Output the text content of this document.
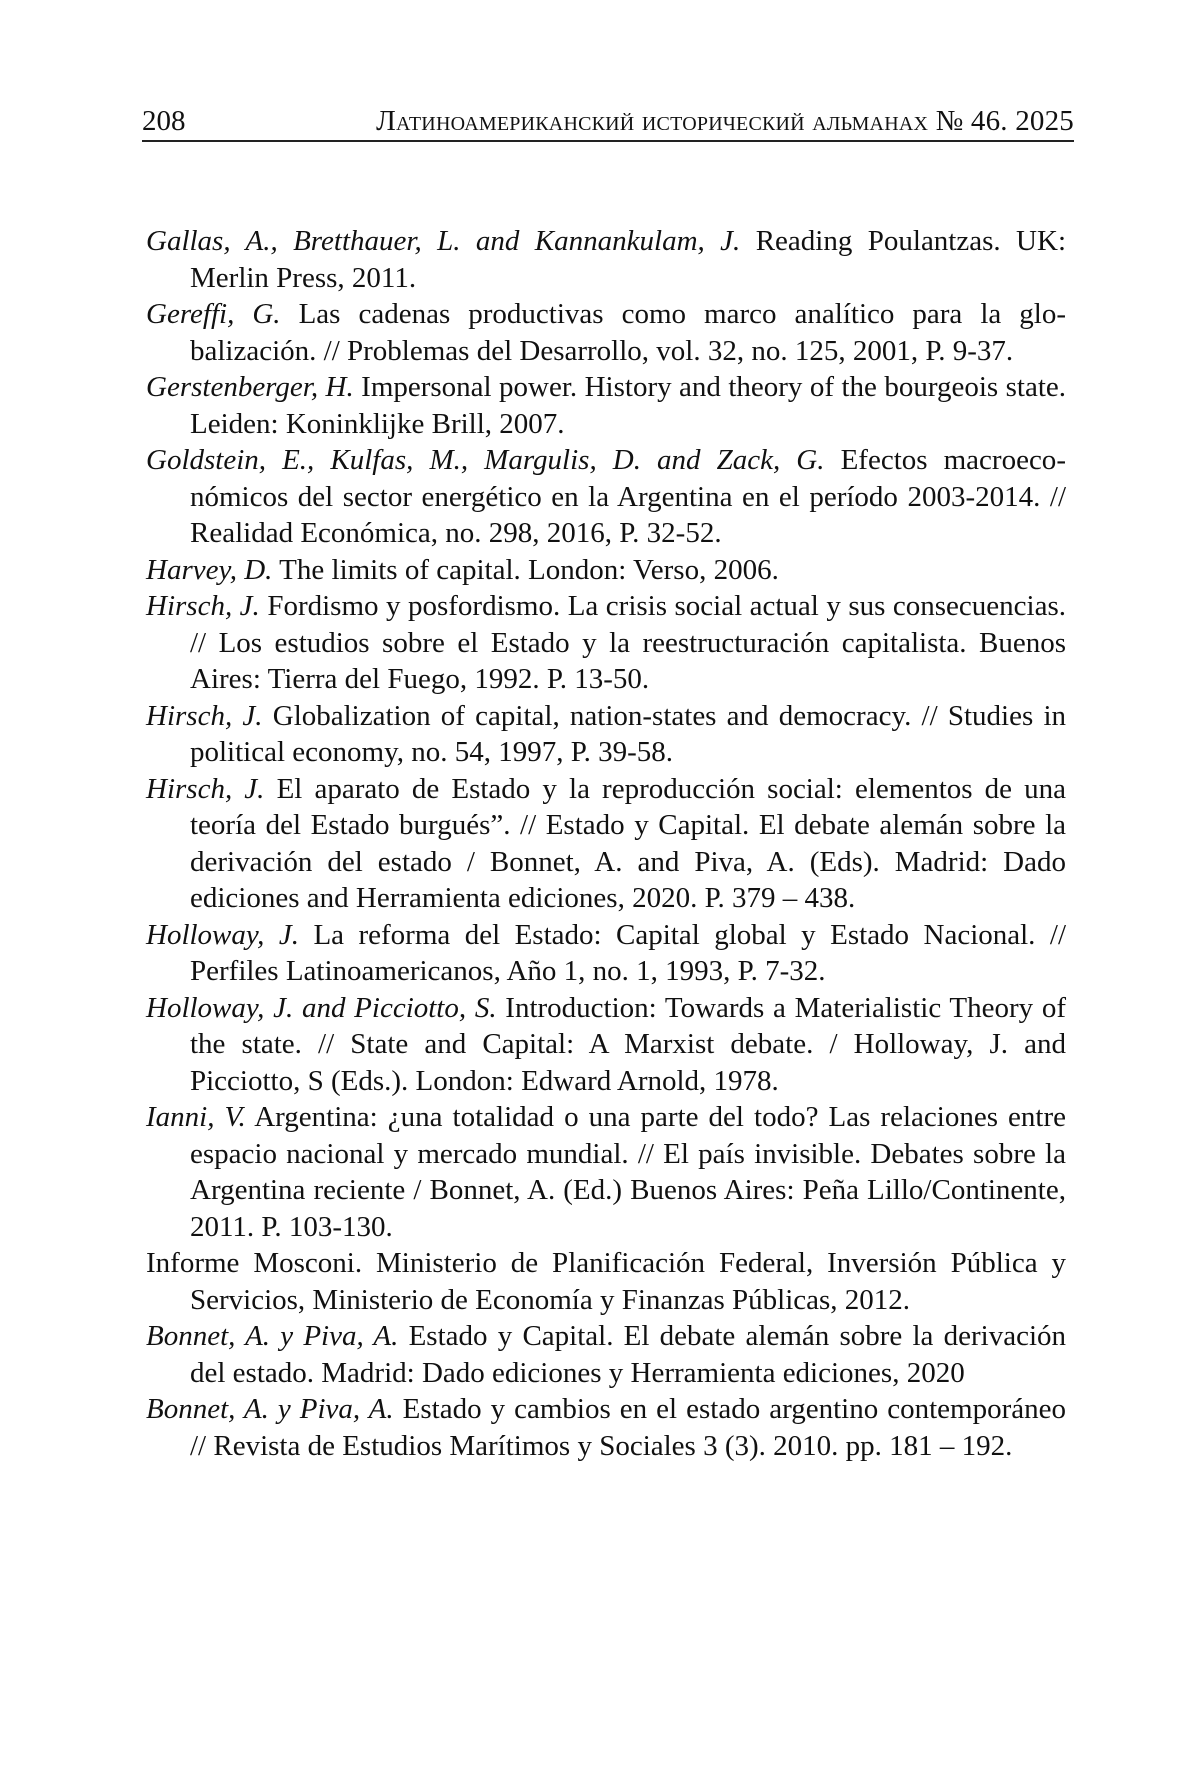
208	Латиноамериканский исторический альманах № 46. 2025
Gallas, A., Bretthauer, L. and Kannankulam, J. Reading Poulantzas. UK: Merlin Press, 2011.
Gereffi, G. Las cadenas productivas como marco analítico para la globalización. // Problemas del Desarrollo, vol. 32, no. 125, 2001, P. 9-37.
Gerstenberger, H. Impersonal power. History and theory of the bourgeois state. Leiden: Koninklijke Brill, 2007.
Goldstein, E., Kulfas, M., Margulis, D. and Zack, G. Efectos macroeconómicos del sector energético en la Argentina en el período 2003-2014. // Realidad Económica, no. 298, 2016, P. 32-52.
Harvey, D. The limits of capital. London: Verso, 2006.
Hirsch, J. Fordismo y posfordismo. La crisis social actual y sus consecuencias. // Los estudios sobre el Estado y la reestructuración capitalista. Buenos Aires: Tierra del Fuego, 1992. P. 13-50.
Hirsch, J. Globalization of capital, nation-states and democracy. // Studies in political economy, no. 54, 1997, P. 39-58.
Hirsch, J. El aparato de Estado y la reproducción social: elementos de una teoría del Estado burgués”. // Estado y Capital. El debate alemán sobre la derivación del estado / Bonnet, A. and Piva, A. (Eds). Madrid: Dado ediciones and Herramienta ediciones, 2020. P. 379 – 438.
Holloway, J. La reforma del Estado: Capital global y Estado Nacional. // Perfiles Latinoamericanos, Año 1, no. 1, 1993, P. 7-32.
Holloway, J. and Picciotto, S. Introduction: Towards a Materialistic Theory of the state. // State and Capital: A Marxist debate. / Holloway, J. and Picciotto, S (Eds.). London: Edward Arnold, 1978.
Ianni, V. Argentina: ¿una totalidad o una parte del todo? Las relaciones entre espacio nacional y mercado mundial. // El país invisible. Debates sobre la Argentina reciente / Bonnet, A. (Ed.) Buenos Aires: Peña Lillo/Continente, 2011. P. 103-130.
Informe Mosconi. Ministerio de Planificación Federal, Inversión Pública y Servicios, Ministerio de Economía y Finanzas Públicas, 2012.
Bonnet, A. y Piva, A. Estado y Capital. El debate alemán sobre la derivación del estado. Madrid: Dado ediciones y Herramienta ediciones, 2020
Bonnet, A. y Piva, A. Estado y cambios en el estado argentino contemporáneo // Revista de Estudios Marítimos y Sociales 3 (3). 2010. pp. 181 – 192.
